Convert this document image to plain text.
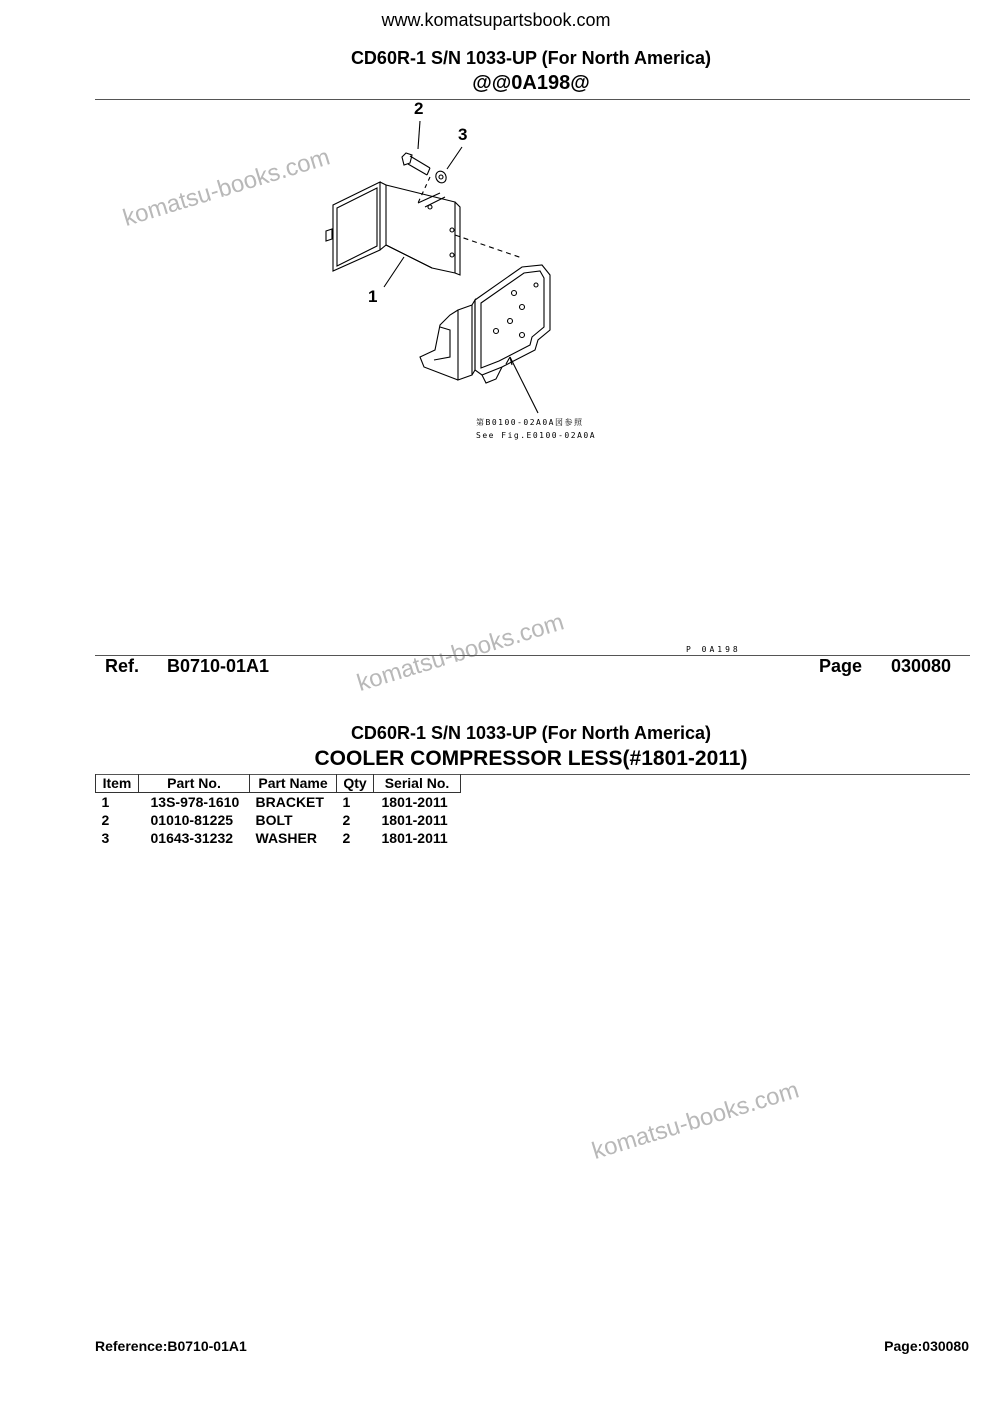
www.komatsupartsbook.com
CD60R-1 S/N 1033-UP (For North America)
@@0A198@
komatsu-books.com
komatsu-books.com
komatsu-books.com
2
3
1
第B0100-02A0A図参照
See Fig.E0100-02A0A
P 0A198
Ref. B0710-01A1	Page 030080
CD60R-1 S/N 1033-UP (For North America)
COOLER COMPRESSOR LESS(#1801-2011)
Item	Part No.	Part Name	Qty	Serial No.
1	13S-978-1610	BRACKET	1	1801-2011
2	01010-81225	BOLT	2	1801-2011
3	01643-31232	WASHER	2	1801-2011
Reference:B0710-01A1	Page:030080
